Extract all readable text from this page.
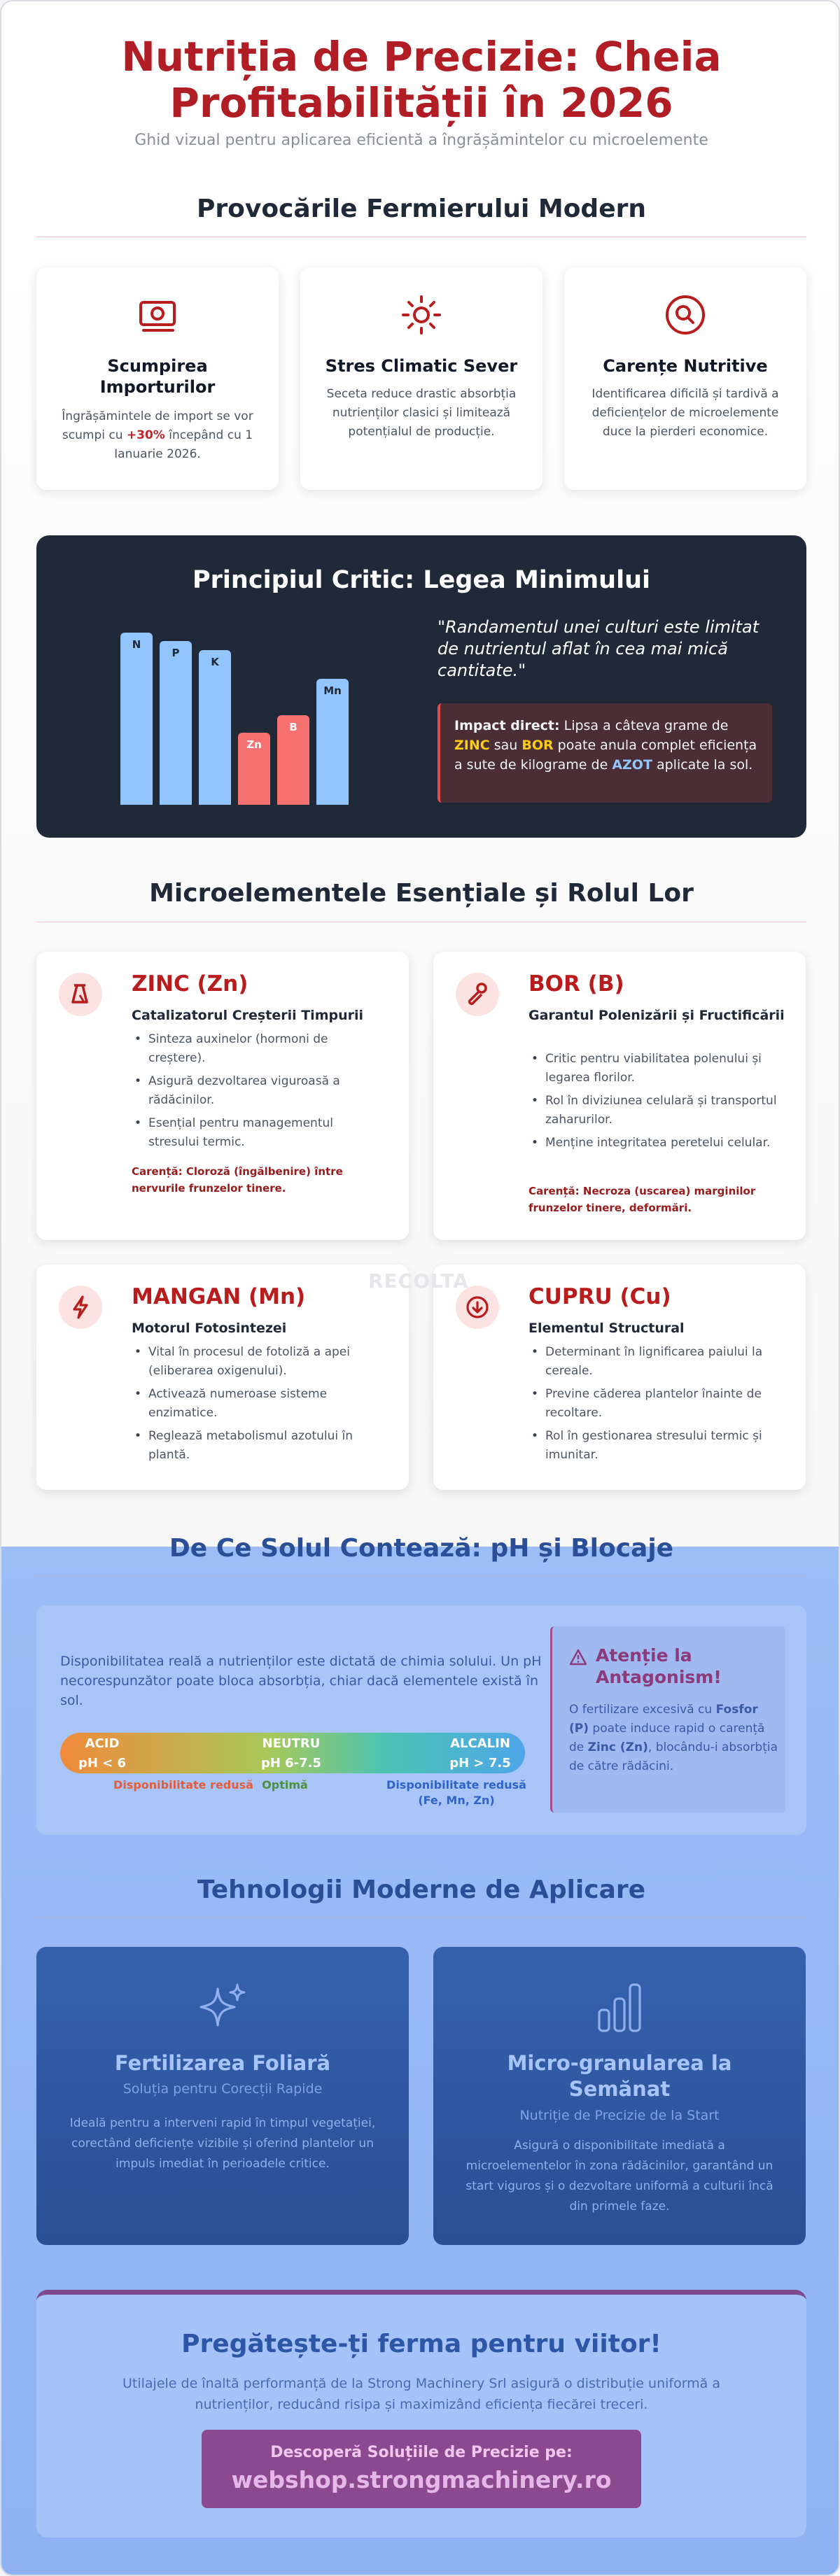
Nutriția de Precizie: Cheia
Profitabilității în 2026
Ghid vizual pentru aplicarea eficientă a îngrășămintelor cu microelemente
Provocările Fermierului Modern
Scumpirea Importurilor

Îngrășămintele de import se vor scumpi cu +30% începând cu 1 Ianuarie 2026.

Stres Climatic Sever

Seceta reduce drastic absorbția nutrienților clasici și limitează potențialul de producție.

Carențe Nutritive

Identificarea dificilă și tardivă a deficiențelor de microelemente duce la pierderi economice.

Principiul Critic: Legea Minimului
N
P
K
Zn
B
Mn
"Randamentul unei culturi este limitat de nutrientul aflat în cea mai mică cantitate."
Impact direct: Lipsa a câteva grame de ZINC sau BOR poate anula complet eficiența a sute de kilograme de AZOT aplicate la sol.
Microelementele Esențiale și Rolul Lor
ZINC (Zn)
Catalizatorul Creșterii Timpurii
• Sinteza auxinelor (hormoni de creștere).
• Asigură dezvoltarea viguroasă a rădăcinilor.
• Esențial pentru managementul stresului termic.
Carență: Cloroză (îngălbenire) între nervurile frunzelor tinere.
BOR (B)
Garantul Polenizării și Fructificării
• Critic pentru viabilitatea polenului și legarea florilor.
• Rol în diviziunea celulară și transportul zaharurilor.
• Menține integritatea peretelui celular.
Carență: Necroza (uscarea) marginilor frunzelor tinere, deformări.
MANGAN (Mn)
Motorul Fotosintezei
• Vital în procesul de fotoliză a apei (eliberarea oxigenului).
• Activează numeroase sisteme enzimatice.
• Reglează metabolismul azotului în plantă.
CUPRU (Cu)
Elementul Structural
• Determinant în lignificarea paiului la cereale.
• Previne căderea plantelor înainte de recoltare.
• Rol în gestionarea stresului termic și imunitar.
RECOLTA
De Ce Solul Contează: pH și Blocaje
Disponibilitatea reală a nutrienților este dictată de chimia solului. Un pH necorespunzător poate bloca absorbția, chiar dacă elementele există în sol.
ACID
pH < 6
NEUTRU
pH 6-7.5
ALCALIN
pH > 7.5
Disponibilitate redusă Optimă	Disponibilitate redusă
(Fe, Mn, Zn)
Atenție la Antagonism!

O fertilizare excesivă cu Fosfor (P) poate induce rapid o carență de Zinc (Zn), blocându-i absorbția de către rădăcini.

Tehnologii Moderne de Aplicare
Fertilizarea Foliară
Soluția pentru Corecții Rapide

Ideală pentru a interveni rapid în timpul vegetației, corectând deficiențe vizibile și oferind plantelor un impuls imediat în perioadele critice.

Micro-granularea la Semănat
Nutriție de Precizie de la Start

Asigură o disponibilitate imediată a microelementelor în zona rădăcinilor, garantând un start viguros și o dezvoltare uniformă a culturii încă din primele faze.

Pregătește-ți ferma pentru viitor!

Utilajele de înaltă performanță de la Strong Machinery Srl asigură o distribuție uniformă a nutrienților, reducând risipa și maximizând eficiența fiecărei treceri.

Descoperă Soluțiile de Precizie pe:
webshop.strongmachinery.ro
